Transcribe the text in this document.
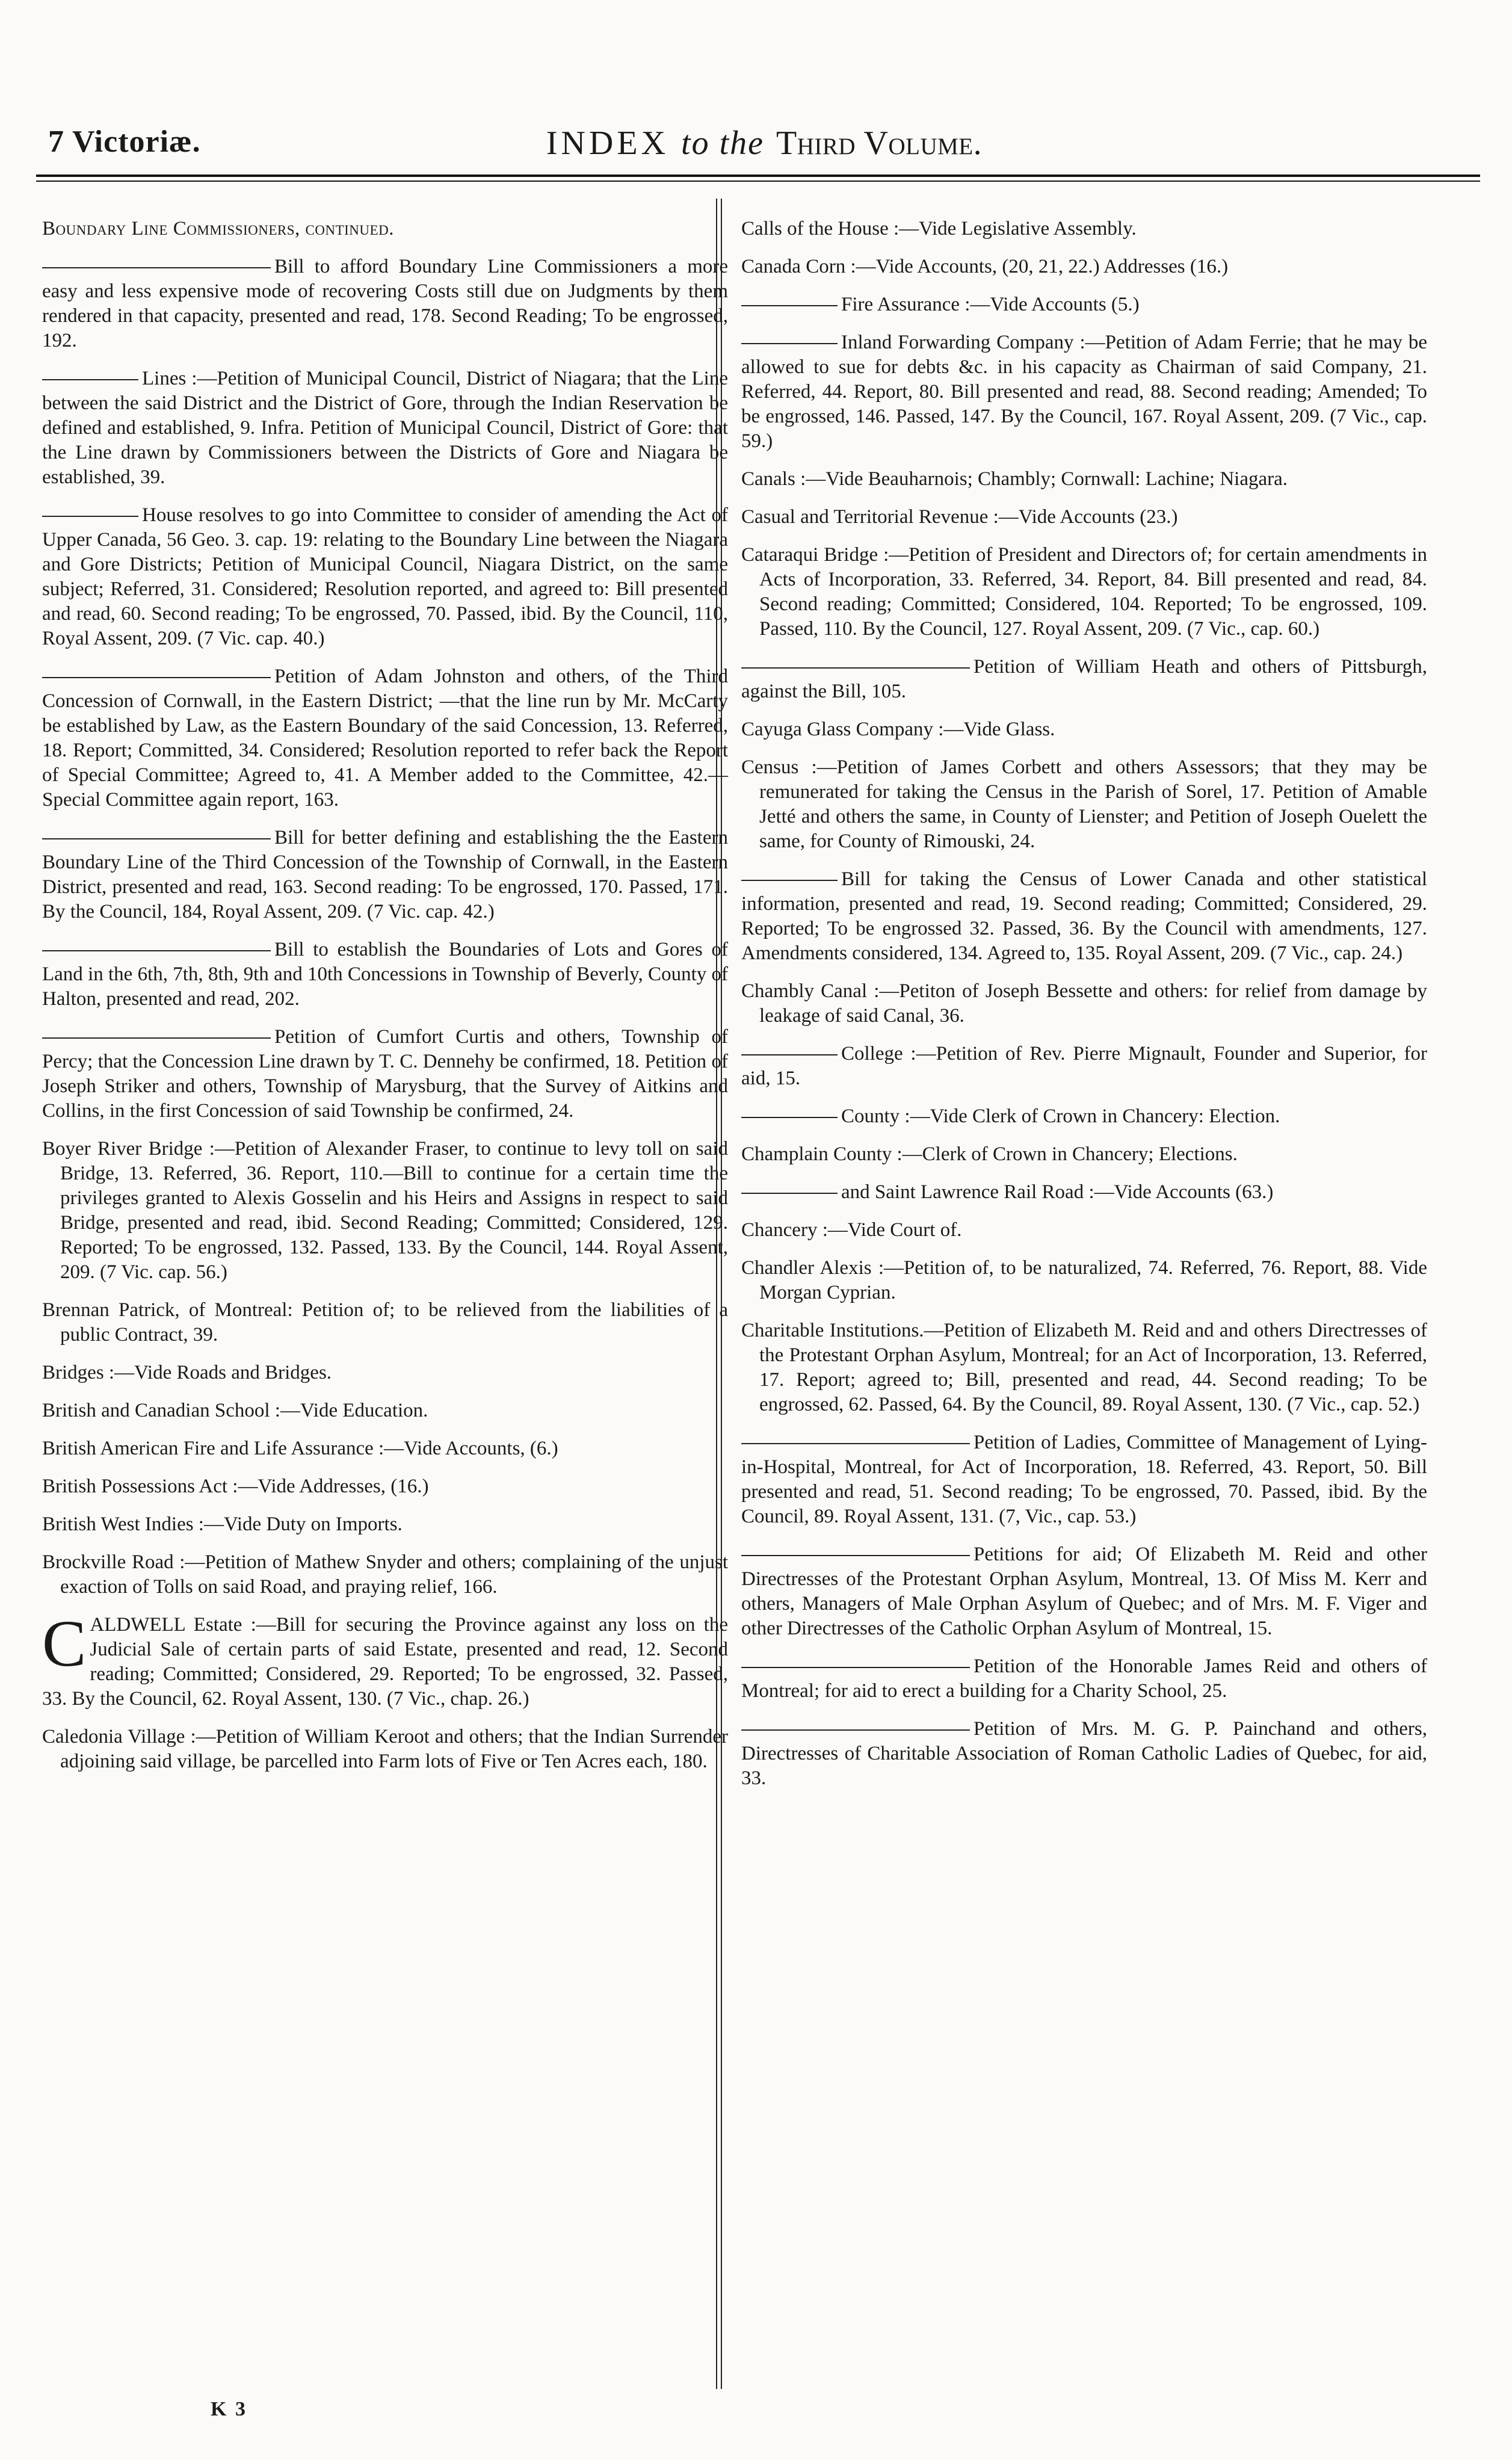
7 Victoriæ.	INDEX to the Third Volume.

Boundary Line Commissioners, continued.

Bill to afford Boundary Line Commissioners a more easy and less expensive mode of recovering Costs still due on Judgments by them rendered in that capacity, presented and read, 178. Second Reading; To be engrossed, 192.

Lines :—Petition of Municipal Council, District of Niagara; that the Line between the said District and the District of Gore, through the Indian Reservation be defined and established, 9. Infra. Petition of Municipal Council, District of Gore: that the Line drawn by Commissioners between the Districts of Gore and Niagara be established, 39.

House resolves to go into Committee to consider of amending the Act of Upper Canada, 56 Geo. 3. cap. 19: relating to the Boundary Line between the Niagara and Gore Districts; Petition of Municipal Council, Niagara District, on the same subject; Referred, 31. Considered; Resolution reported, and agreed to: Bill presented and read, 60. Second reading; To be engrossed, 70. Passed, ibid. By the Council, 110, Royal Assent, 209. (7 Vic. cap. 40.)

Petition of Adam Johnston and others, of the Third Concession of Cornwall, in the Eastern District; —that the line run by Mr. McCarty be established by Law, as the Eastern Boundary of the said Concession, 13. Referred, 18. Report; Committed, 34. Considered; Resolution reported to refer back the Report of Special Committee; Agreed to, 41. A Member added to the Committee, 42.— Special Committee again report, 163.

Bill for better defining and establishing the the Eastern Boundary Line of the Third Concession of the Township of Cornwall, in the Eastern District, presented and read, 163. Second reading: To be engrossed, 170. Passed, 171. By the Council, 184, Royal Assent, 209. (7 Vic. cap. 42.)

Bill to establish the Boundaries of Lots and Gores of Land in the 6th, 7th, 8th, 9th and 10th Concessions in Township of Beverly, County of Halton, presented and read, 202.

Petition of Cumfort Curtis and others, Township of Percy; that the Concession Line drawn by T. C. Dennehy be confirmed, 18. Petition of Joseph Striker and others, Township of Marysburg, that the Survey of Aitkins and Collins, in the first Concession of said Township be confirmed, 24.

Boyer River Bridge :—Petition of Alexander Fraser, to continue to levy toll on said Bridge, 13. Referred, 36. Report, 110.—Bill to continue for a certain time the privileges granted to Alexis Gosselin and his Heirs and Assigns in respect to said Bridge, presented and read, ibid. Second Reading; Committed; Considered, 129. Reported; To be engrossed, 132. Passed, 133. By the Council, 144. Royal Assent, 209. (7 Vic. cap. 56.)

Brennan Patrick, of Montreal: Petition of; to be relieved from the liabilities of a public Contract, 39.

Bridges :—Vide Roads and Bridges.

British and Canadian School :—Vide Education.

British American Fire and Life Assurance :—Vide Accounts, (6.)

British Possessions Act :—Vide Addresses, (16.)

British West Indies :—Vide Duty on Imports.

Brockville Road :—Petition of Mathew Snyder and others; complaining of the unjust exaction of Tolls on said Road, and praying relief, 166.

CALDWELL Estate :—Bill for securing the Province against any loss on the Judicial Sale of certain parts of said Estate, presented and read, 12. Second reading; Committed; Considered, 29. Reported; To be engrossed, 32. Passed, 33. By the Council, 62. Royal Assent, 130. (7 Vic., chap. 26.)

Caledonia Village :—Petition of William Keroot and others; that the Indian Surrender adjoining said village, be parcelled into Farm lots of Five or Ten Acres each, 180.

K 3

Calls of the House :—Vide Legislative Assembly.

Canada Corn :—Vide Accounts, (20, 21, 22.) Addresses (16.)

Fire Assurance :—Vide Accounts (5.)

Inland Forwarding Company :—Petition of Adam Ferrie; that he may be allowed to sue for debts &c. in his capacity as Chairman of said Company, 21. Referred, 44. Report, 80. Bill presented and read, 88. Second reading; Amended; To be engrossed, 146. Passed, 147. By the Council, 167. Royal Assent, 209. (7 Vic., cap. 59.)

Canals :—Vide Beauharnois; Chambly; Cornwall: Lachine; Niagara.

Casual and Territorial Revenue :—Vide Accounts (23.)

Cataraqui Bridge :—Petition of President and Directors of; for certain amendments in Acts of Incorporation, 33. Referred, 34. Report, 84. Bill presented and read, 84. Second reading; Committed; Considered, 104. Reported; To be engrossed, 109. Passed, 110. By the Council, 127. Royal Assent, 209. (7 Vic., cap. 60.)

Petition of William Heath and others of Pittsburgh, against the Bill, 105.

Cayuga Glass Company :—Vide Glass.

Census :—Petition of James Corbett and others Assessors; that they may be remunerated for taking the Census in the Parish of Sorel, 17. Petition of Amable Jetté and others the same, in County of Lienster; and Petition of Joseph Ouelett the same, for County of Rimouski, 24.

Bill for taking the Census of Lower Canada and other statistical information, presented and read, 19. Second reading; Committed; Considered, 29. Reported; To be engrossed 32. Passed, 36. By the Council with amendments, 127. Amendments considered, 134. Agreed to, 135. Royal Assent, 209. (7 Vic., cap. 24.)

Chambly Canal :—Petiton of Joseph Bessette and others: for relief from damage by leakage of said Canal, 36.

College :—Petition of Rev. Pierre Mignault, Founder and Superior, for aid, 15.

County :—Vide Clerk of Crown in Chancery: Election.

Champlain County :—Clerk of Crown in Chancery; Elections.

and Saint Lawrence Rail Road :—Vide Accounts (63.)

Chancery :—Vide Court of.

Chandler Alexis :—Petition of, to be naturalized, 74. Referred, 76. Report, 88. Vide Morgan Cyprian.

Charitable Institutions.—Petition of Elizabeth M. Reid and and others Directresses of the Protestant Orphan Asylum, Montreal; for an Act of Incorporation, 13. Referred, 17. Report; agreed to; Bill, presented and read, 44. Second reading; To be engrossed, 62. Passed, 64. By the Council, 89. Royal Assent, 130. (7 Vic., cap. 52.)

Petition of Ladies, Committee of Management of Lying-in-Hospital, Montreal, for Act of Incorporation, 18. Referred, 43. Report, 50. Bill presented and read, 51. Second reading; To be engrossed, 70. Passed, ibid. By the Council, 89. Royal Assent, 131. (7, Vic., cap. 53.)

Petitions for aid; Of Elizabeth M. Reid and other Directresses of the Protestant Orphan Asylum, Montreal, 13. Of Miss M. Kerr and others, Managers of Male Orphan Asylum of Quebec; and of Mrs. M. F. Viger and other Directresses of the Catholic Orphan Asylum of Montreal, 15.

Petition of the Honorable James Reid and others of Montreal; for aid to erect a building for a Charity School, 25.

Petition of Mrs. M. G. P. Painchand and others, Directresses of Charitable Association of Roman Catholic Ladies of Quebec, for aid, 33.
